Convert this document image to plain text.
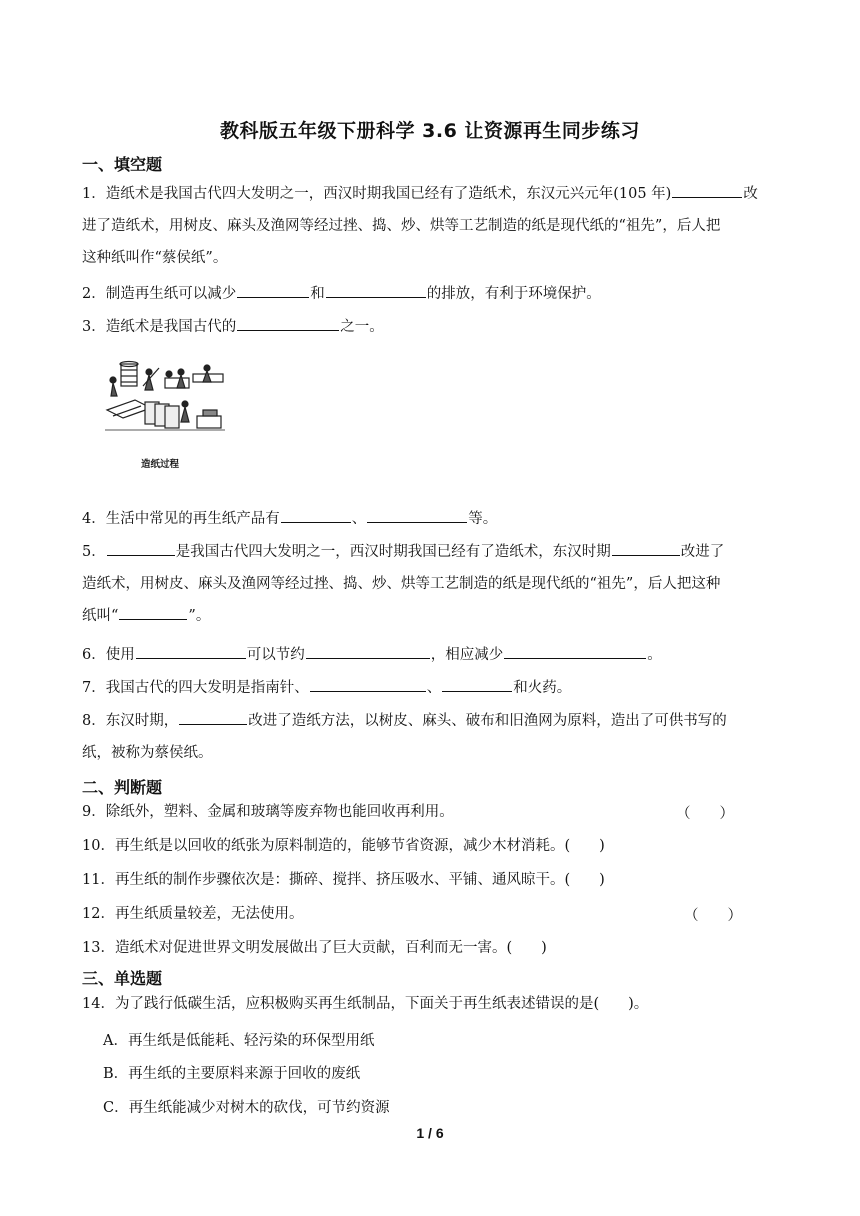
教科版五年级下册科学 3.6 让资源再生同步练习
一、填空题
1．造纸术是我国古代四大发明之一，西汉时期我国已经有了造纸术，东汉元兴元年(105 年)	改
进了造纸术，用树皮、麻头及渔网等经过挫、捣、炒、烘等工艺制造的纸是现代纸的“祖先”，后人把
这种纸叫作“蔡侯纸”。
2．制造再生纸可以减少	和	的排放，有利于环境保护。
3．造纸术是我国古代的	之一。
造纸过程
4．生活中常见的再生纸产品有	、	等。
5．	是我国古代四大发明之一，西汉时期我国已经有了造纸术，东汉时期	改进了
造纸术，用树皮、麻头及渔网等经过挫、捣、炒、烘等工艺制造的纸是现代纸的“祖先”，后人把这种
纸叫“	”。
6．使用	可以节约	，相应减少	。
7．我国古代的四大发明是指南针、	、	和火药。
8．东汉时期，	改进了造纸方法，以树皮、麻头、破布和旧渔网为原料，造出了可供书写的
纸，被称为蔡侯纸。
二、判断题
9．除纸外，塑料、金属和玻璃等废弃物也能回收再利用。	（　　）
10．再生纸是以回收的纸张为原料制造的，能够节省资源，减少木材消耗。(　　)
11．再生纸的制作步骤依次是：撕碎、搅拌、挤压吸水、平铺、通风晾干。(　　)
12．再生纸质量较差，无法使用。	（　　）
13．造纸术对促进世界文明发展做出了巨大贡献，百利而无一害。(　　)
三、单选题
14．为了践行低碳生活，应积极购买再生纸制品，下面关于再生纸表述错误的是(　　)。
A．再生纸是低能耗、轻污染的环保型用纸
B．再生纸的主要原料来源于回收的废纸
C．再生纸能减少对树木的砍伐，可节约资源
1 / 6
